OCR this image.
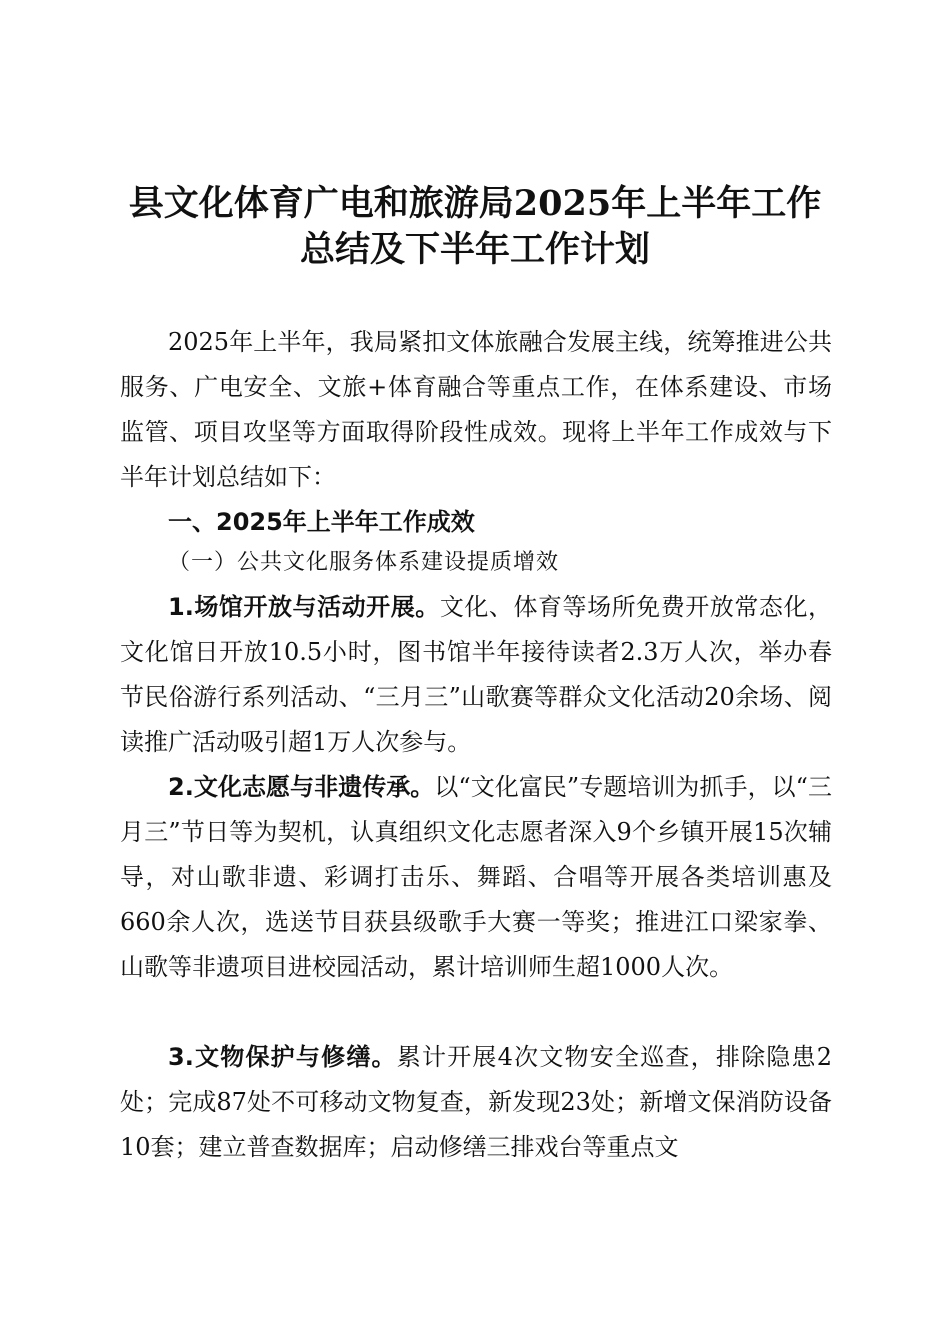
县文化体育广电和旅游局2025年上半年工作
总结及下半年工作计划

2025年上半年，我局紧扣文体旅融合发展主线，统筹推进公共服务、广电安全、文旅+体育融合等重点工作，在体系建设、市场监管、项目攻坚等方面取得阶段性成效。现将上半年工作成效与下半年计划总结如下：

一、2025年上半年工作成效

（一）公共文化服务体系建设提质增效

1.场馆开放与活动开展。文化、体育等场所免费开放常态化，文化馆日开放10.5小时，图书馆半年接待读者2.3万人次，举办春节民俗游行系列活动、“三月三”山歌赛等群众文化活动20余场、阅读推广活动吸引超1万人次参与。

2.文化志愿与非遗传承。以“文化富民”专题培训为抓手，以“三月三”节日等为契机，认真组织文化志愿者深入9个乡镇开展15次辅导，对山歌非遗、彩调打击乐、舞蹈、合唱等开展各类培训惠及660余人次，选送节目获县级歌手大赛一等奖；推进江口梁家拳、山歌等非遗项目进校园活动，累计培训师生超1000人次。

3.文物保护与修缮。累计开展4次文物安全巡查，排除隐患2处；完成87处不可移动文物复查，新发现23处；新增文保消防设备10套；建立普查数据库；启动修缮三排戏台等重点文
